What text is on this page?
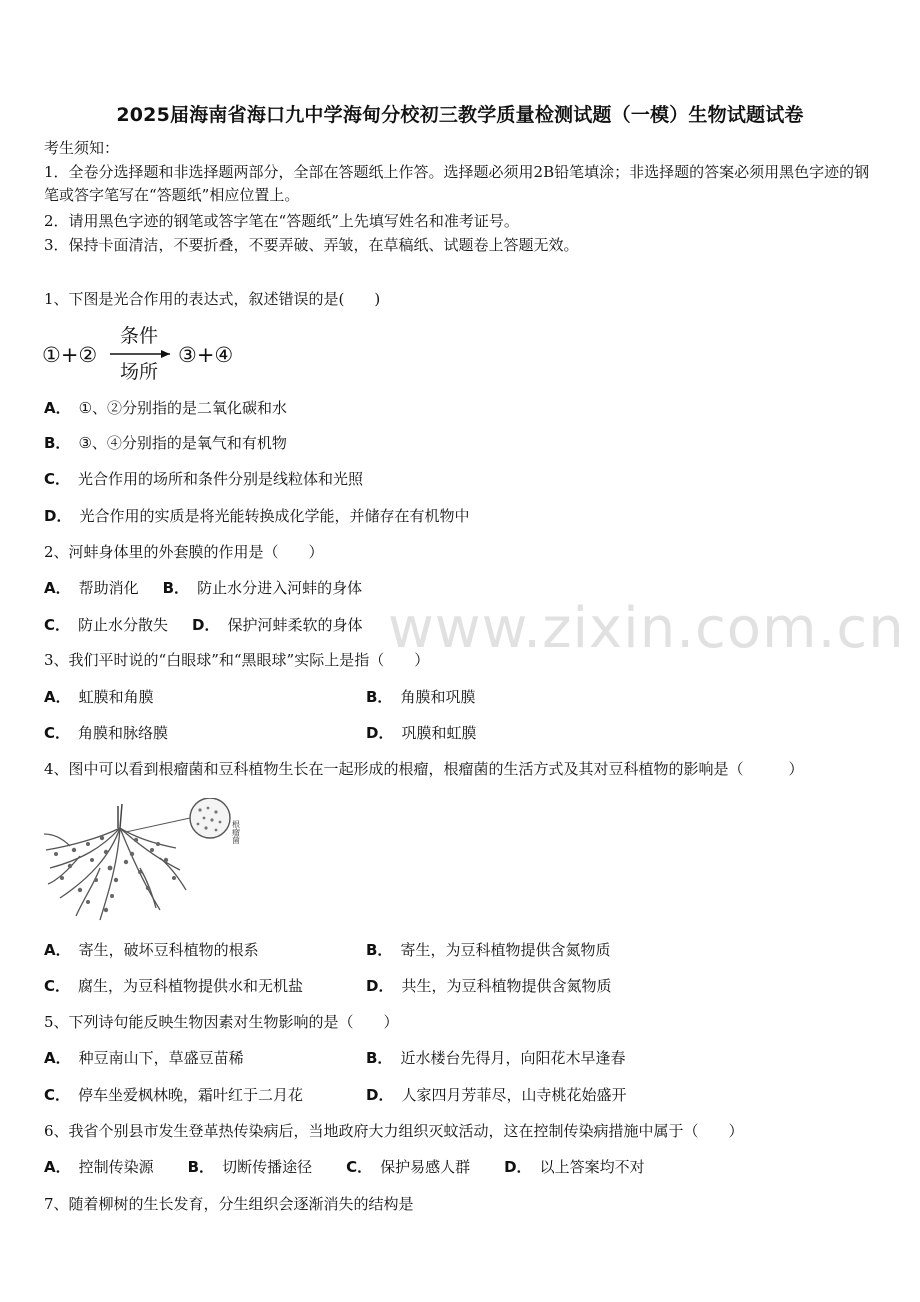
2025届海南省海口九中学海甸分校初三教学质量检测试题（一模）生物试题试卷
考生须知：
1．全卷分选择题和非选择题两部分，全部在答题纸上作答。选择题必须用2B铅笔填涂；非选择题的答案必须用黑色字迹的钢笔或答字笔写在“答题纸”相应位置上。
2．请用黑色字迹的钢笔或答字笔在“答题纸”上先填写姓名和准考证号。
3．保持卡面清洁，不要折叠，不要弄破、弄皱，在草稿纸、试题卷上答题无效。
1、下图是光合作用的表达式，叙述错误的是(　　)
①+②
条件
场所
③+④
A． ①、②分别指的是二氧化碳和水
B． ③、④分别指的是氧气和有机物
C． 光合作用的场所和条件分别是线粒体和光照
D． 光合作用的实质是将光能转换成化学能，并储存在有机物中
2、河蚌身体里的外套膜的作用是（　　）
A． 帮助消化 B． 防止水分进入河蚌的身体
C． 防止水分散失 D． 保护河蚌柔软的身体 www.zixin.com.cn
3、我们平时说的“白眼球”和“黑眼球”实际上是指（　　）
A． 虹膜和角膜	B． 角膜和巩膜
C． 角膜和脉络膜	D． 巩膜和虹膜
4、图中可以看到根瘤菌和豆科植物生长在一起形成的根瘤，根瘤菌的生活方式及其对豆科植物的影响是（　　　）
根瘤菌
A． 寄生，破坏豆科植物的根系	B． 寄生，为豆科植物提供含氮物质
C． 腐生，为豆科植物提供水和无机盐	D． 共生，为豆科植物提供含氮物质
5、下列诗句能反映生物因素对生物影响的是（　　）
A． 种豆南山下，草盛豆苗稀	B． 近水楼台先得月，向阳花木早逢春
C． 停车坐爱枫林晚，霜叶红于二月花	D． 人家四月芳菲尽，山寺桃花始盛开
6、我省个别县市发生登革热传染病后，当地政府大力组织灭蚊活动，这在控制传染病措施中属于（　　）
A． 控制传染源 B． 切断传播途径 C． 保护易感人群 D． 以上答案均不对
7、随着柳树的生长发育，分生组织会逐渐消失的结构是
